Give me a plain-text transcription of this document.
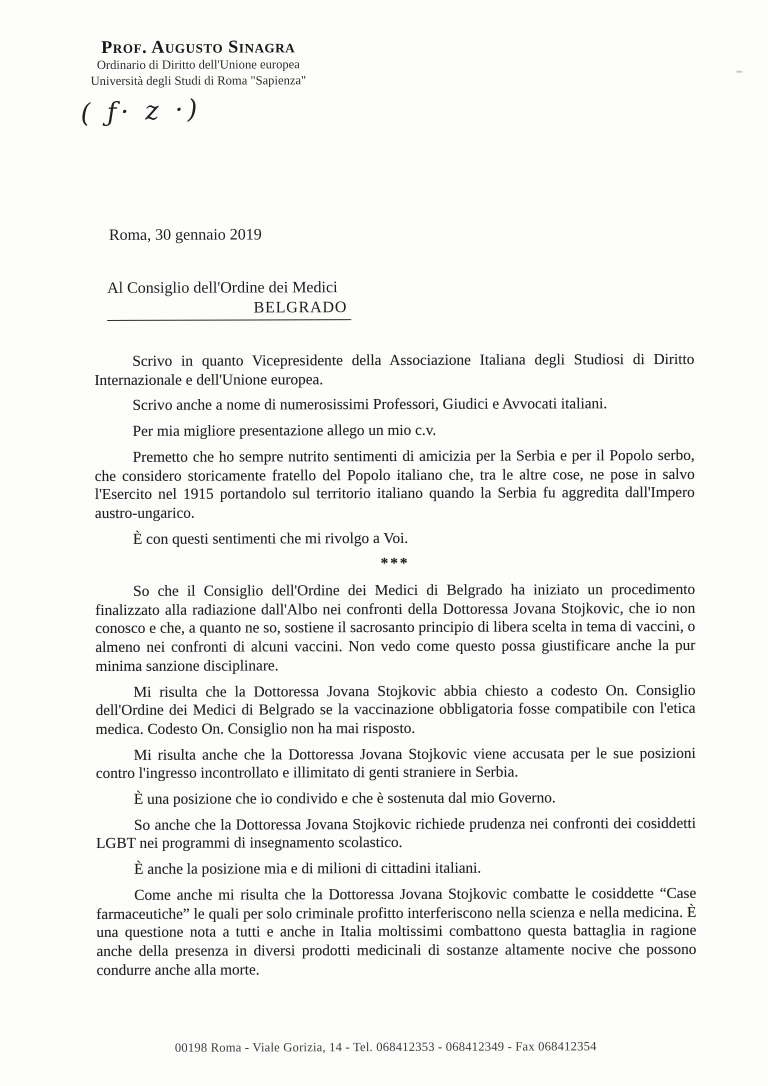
Prof. Augusto Sinagra
Ordinario di Diritto dell'Unione europea
Università degli Studi di Roma "Sapienza"
( ƒ· z ·)
Roma, 30 gennaio 2019
Al Consiglio dell'Ordine dei Medici
BELGRADO

Scrivo in quanto Vicepresidente della Associazione Italiana degli Studiosi di Diritto Internazionale e dell'Unione europea.

Scrivo anche a nome di numerosissimi Professori, Giudici e Avvocati italiani.

Per mia migliore presentazione allego un mio c.v.

Premetto che ho sempre nutrito sentimenti di amicizia per la Serbia e per il Popolo serbo, che considero storicamente fratello del Popolo italiano che, tra le altre cose, ne pose in salvo l'Esercito nel 1915 portandolo sul territorio italiano quando la Serbia fu aggredita dall'Impero austro-ungarico.

È con questi sentimenti che mi rivolgo a Voi.

***

So che il Consiglio dell'Ordine dei Medici di Belgrado ha iniziato un procedimento finalizzato alla radiazione dall'Albo nei confronti della Dottoressa Jovana Stojkovic, che io non conosco e che, a quanto ne so, sostiene il sacrosanto principio di libera scelta in tema di vaccini, o almeno nei confronti di alcuni vaccini. Non vedo come questo possa giustificare anche la pur minima sanzione disciplinare.

Mi risulta che la Dottoressa Jovana Stojkovic abbia chiesto a codesto On. Consiglio dell'Ordine dei Medici di Belgrado se la vaccinazione obbligatoria fosse compatibile con l'etica medica. Codesto On. Consiglio non ha mai risposto.

Mi risulta anche che la Dottoressa Jovana Stojkovic viene accusata per le sue posizioni contro l'ingresso incontrollato e illimitato di genti straniere in Serbia.

È una posizione che io condivido e che è sostenuta dal mio Governo.

So anche che la Dottoressa Jovana Stojkovic richiede prudenza nei confronti dei cosiddetti LGBT nei programmi di insegnamento scolastico.

È anche la posizione mia e di milioni di cittadini italiani.

Come anche mi risulta che la Dottoressa Jovana Stojkovic combatte le cosiddette “Case farmaceutiche” le quali per solo criminale profitto interferiscono nella scienza e nella medicina. È una questione nota a tutti e anche in Italia moltissimi combattono questa battaglia in ragione anche della presenza in diversi prodotti medicinali di sostanze altamente nocive che possono condurre anche alla morte.

00198 Roma - Viale Gorizia, 14 - Tel. 068412353 - 068412349 - Fax 068412354
